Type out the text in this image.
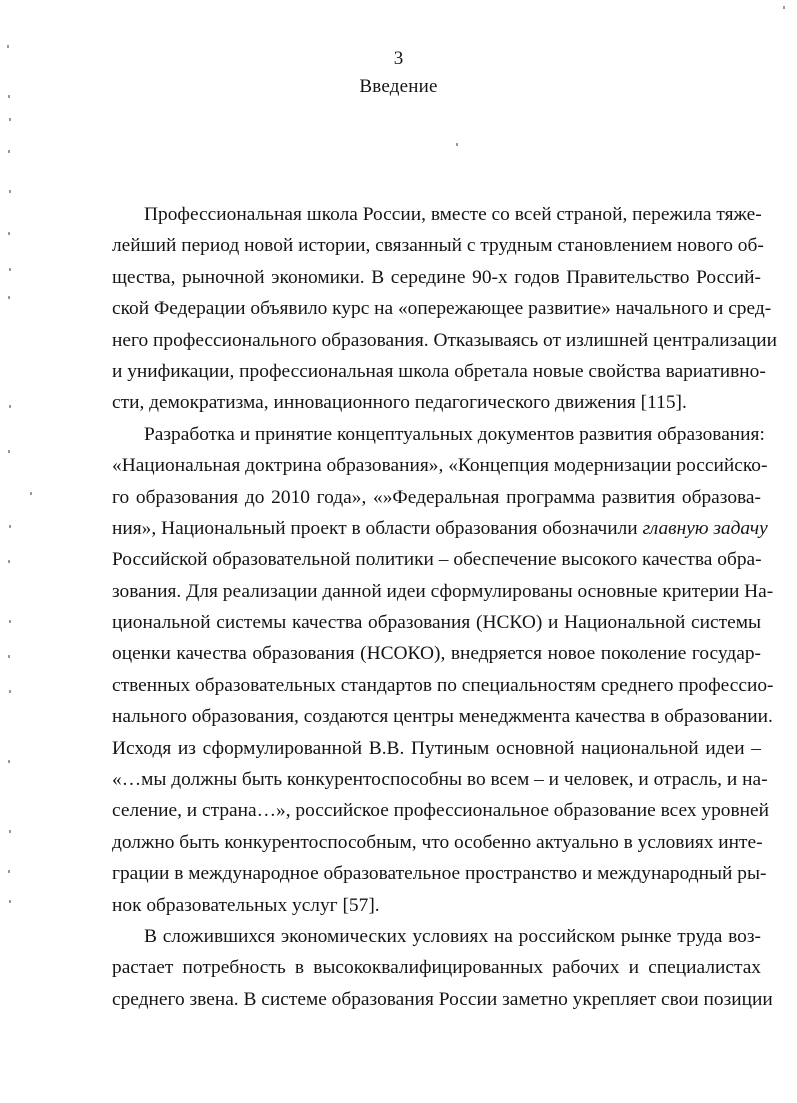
3
Введение
Профессиональная школа России, вместе со всей страной, пережила тяже-
лейший период новой истории, связанный с трудным становлением нового об-
щества, рыночной экономики. В середине 90-х годов Правительство Россий-
ской Федерации объявило курс на «опережающее развитие» начального и сред-
него профессионального образования. Отказываясь от излишней централизации
и унификации, профессиональная школа обретала новые свойства вариативно-
сти, демократизма, инновационного педагогического движения [115].
Разработка и принятие концептуальных документов развития образования:
«Национальная доктрина образования», «Концепция модернизации российско-
го образования до 2010 года», «»Федеральная программа развития образова-
ния», Национальный проект в области образования обозначили главную задачу
Российской образовательной политики – обеспечение высокого качества обра-
зования. Для реализации данной идеи сформулированы основные критерии На-
циональной системы качества образования (НСКО) и Национальной системы
оценки качества образования (НСОКО), внедряется новое поколение государ-
ственных образовательных стандартов по специальностям среднего профессио-
нального образования, создаются центры менеджмента качества в образовании.
Исходя из сформулированной В.В. Путиным основной национальной идеи –
«…мы должны быть конкурентоспособны во всем – и человек, и отрасль, и на-
селение, и страна…», российское профессиональное образование всех уровней
должно быть конкурентоспособным, что особенно актуально в условиях инте-
грации в международное образовательное пространство и международный ры-
нок образовательных услуг [57].
В сложившихся экономических условиях на российском рынке труда воз-
растает потребность в высококвалифицированных рабочих и специалистах
среднего звена. В системе образования России заметно укрепляет свои позиции
